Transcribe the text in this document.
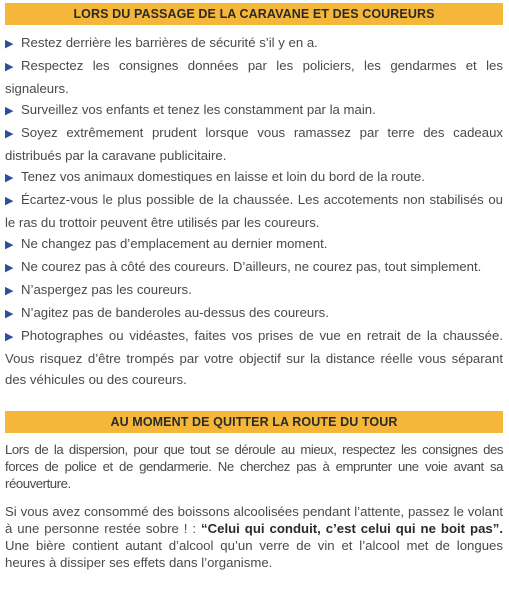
LORS DU PASSAGE DE LA CARAVANE ET DES COUREURS
▶ Restez derrière les barrières de sécurité s’il y en a.
▶ Respectez les consignes données par les policiers, les gendarmes et les signaleurs.
▶ Surveillez vos enfants et tenez les constamment par la main.
▶ Soyez extrêmement prudent lorsque vous ramassez par terre des cadeaux distribués par la caravane publicitaire.
▶ Tenez vos animaux domestiques en laisse et loin du bord de la route.
▶ Écartez-vous le plus possible de la chaussée. Les accotements non stabilisés ou le ras du trottoir peuvent être utilisés par les coureurs.
▶ Ne changez pas d’emplacement au dernier moment.
▶ Ne courez pas à côté des coureurs. D’ailleurs, ne courez pas, tout simplement.
▶ N’aspergez pas les coureurs.
▶ N’agitez pas de banderoles au-dessus des coureurs.
▶ Photographes ou vidéastes, faites vos prises de vue en retrait de la chaussée. Vous risquez d’être trompés par votre objectif sur la distance réelle vous séparant des véhicules ou des coureurs.
AU MOMENT DE QUITTER LA ROUTE DU TOUR

Lors de la dispersion, pour que tout se déroule au mieux, respectez les consignes des forces de police et de gendarmerie. Ne cherchez pas à emprunter une voie avant sa réouverture.

Si vous avez consommé des boissons alcoolisées pendant l’attente, passez le volant à une personne restée sobre ! : “Celui qui conduit, c’est celui qui ne boit pas”. Une bière contient autant d’alcool qu’un verre de vin et l’alcool met de longues heures à dissiper ses effets dans l’organisme.
